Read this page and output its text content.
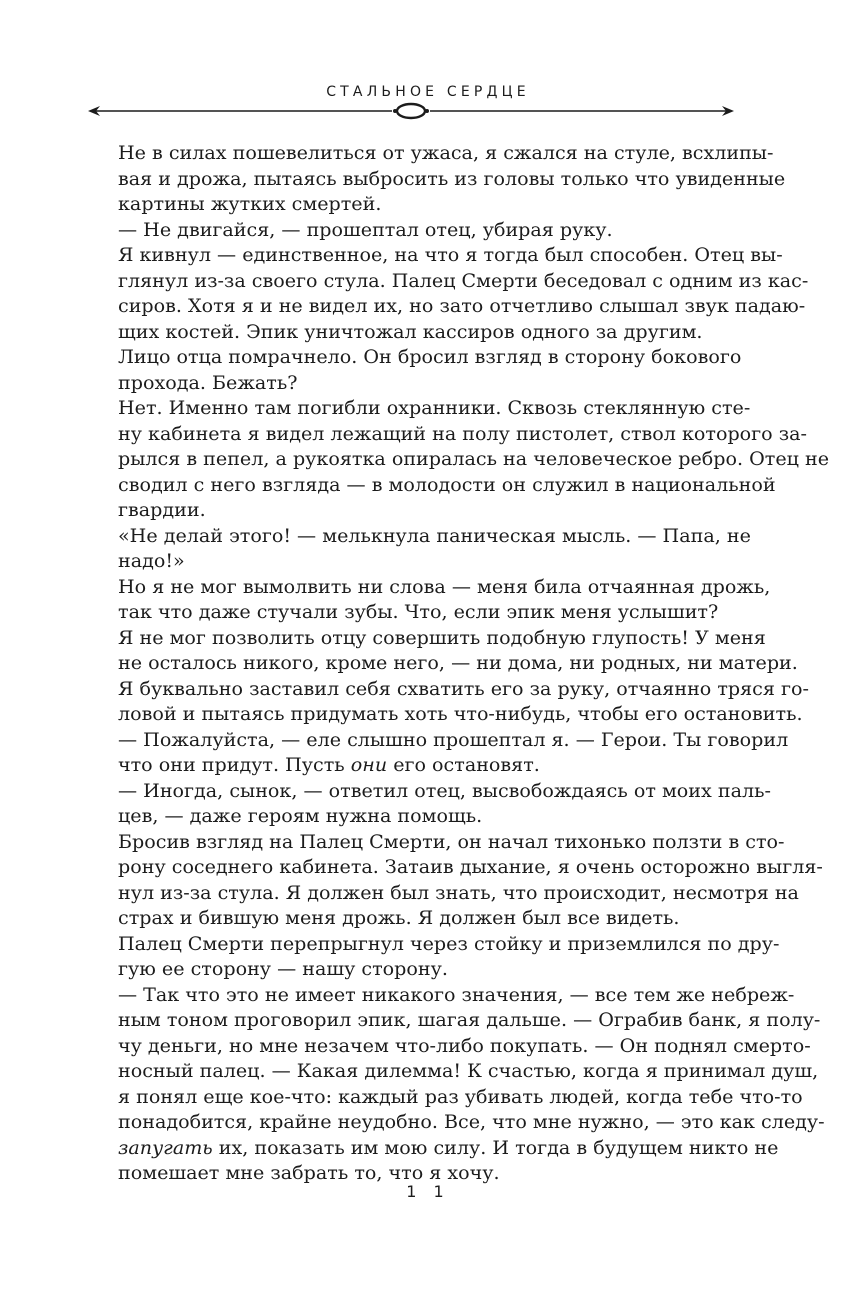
СТАЛЬНОЕ СЕРДЦЕ
Не в силах пошевелиться от ужаса, я сжался на стуле, всхлипы-
вая и дрожа, пытаясь выбросить из головы только что увиденные
картины жутких смертей.
— Не двигайся, — прошептал отец, убирая руку.
Я кивнул — единственное, на что я тогда был способен. Отец вы-
глянул из-за своего стула. Палец Смерти беседовал с одним из кас-
сиров. Хотя я и не видел их, но зато отчетливо слышал звук падаю-
щих костей. Эпик уничтожал кассиров одного за другим.
Лицо отца помрачнело. Он бросил взгляд в сторону бокового
прохода. Бежать?
Нет. Именно там погибли охранники. Сквозь стеклянную сте-
ну кабинета я видел лежащий на полу пистолет, ствол которого за-
рылся в пепел, а рукоятка опиралась на человеческое ребро. Отец не
сводил с него взгляда — в молодости он служил в национальной
гвардии.
«Не делай этого! — мелькнула паническая мысль. — Папа, не
надо!»
Но я не мог вымолвить ни слова — меня била отчаянная дрожь,
так что даже стучали зубы. Что, если эпик меня услышит?
Я не мог позволить отцу совершить подобную глупость! У меня
не осталось никого, кроме него, — ни дома, ни родных, ни матери.
Я буквально заставил себя схватить его за руку, отчаянно тряся го-
ловой и пытаясь придумать хоть что-нибудь, чтобы его остановить.
— Пожалуйста, — еле слышно прошептал я. — Герои. Ты говорил
что они придут. Пусть они его остановят.
— Иногда, сынок, — ответил отец, высвобождаясь от моих паль-
цев, — даже героям нужна помощь.
Бросив взгляд на Палец Смерти, он начал тихонько ползти в сто-
рону соседнего кабинета. Затаив дыхание, я очень осторожно выгля-
нул из-за стула. Я должен был знать, что происходит, несмотря на
страх и бившую меня дрожь. Я должен был все видеть.
Палец Смерти перепрыгнул через стойку и приземлился по дру-
гую ее сторону — нашу сторону.
— Так что это не имеет никакого значения, — все тем же небреж-
ным тоном проговорил эпик, шагая дальше. — Ограбив банк, я полу-
чу деньги, но мне незачем что-либо покупать. — Он поднял смерто-
носный палец. — Какая дилемма! К счастью, когда я принимал душ,
я понял еще кое-что: каждый раз убивать людей, когда тебе что-то
понадобится, крайне неудобно. Все, что мне нужно, — это как следу-
запугать их, показать им мою силу. И тогда в будущем никто не
помешает мне забрать то, что я хочу.
1 1
